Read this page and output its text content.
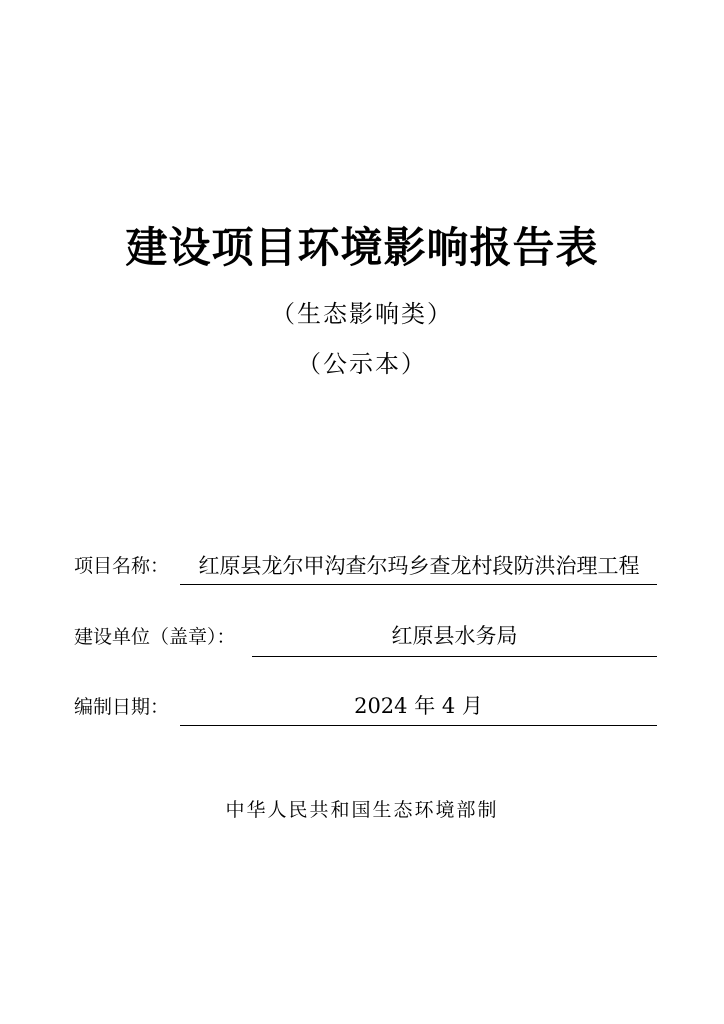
建设项目环境影响报告表
（生态影响类）
（公示本）
项目名称：	红原县龙尔甲沟查尔玛乡查龙村段防洪治理工程
建设单位（盖章）：	红原县水务局
编制日期：	2024 年 4 月
中华人民共和国生态环境部制
